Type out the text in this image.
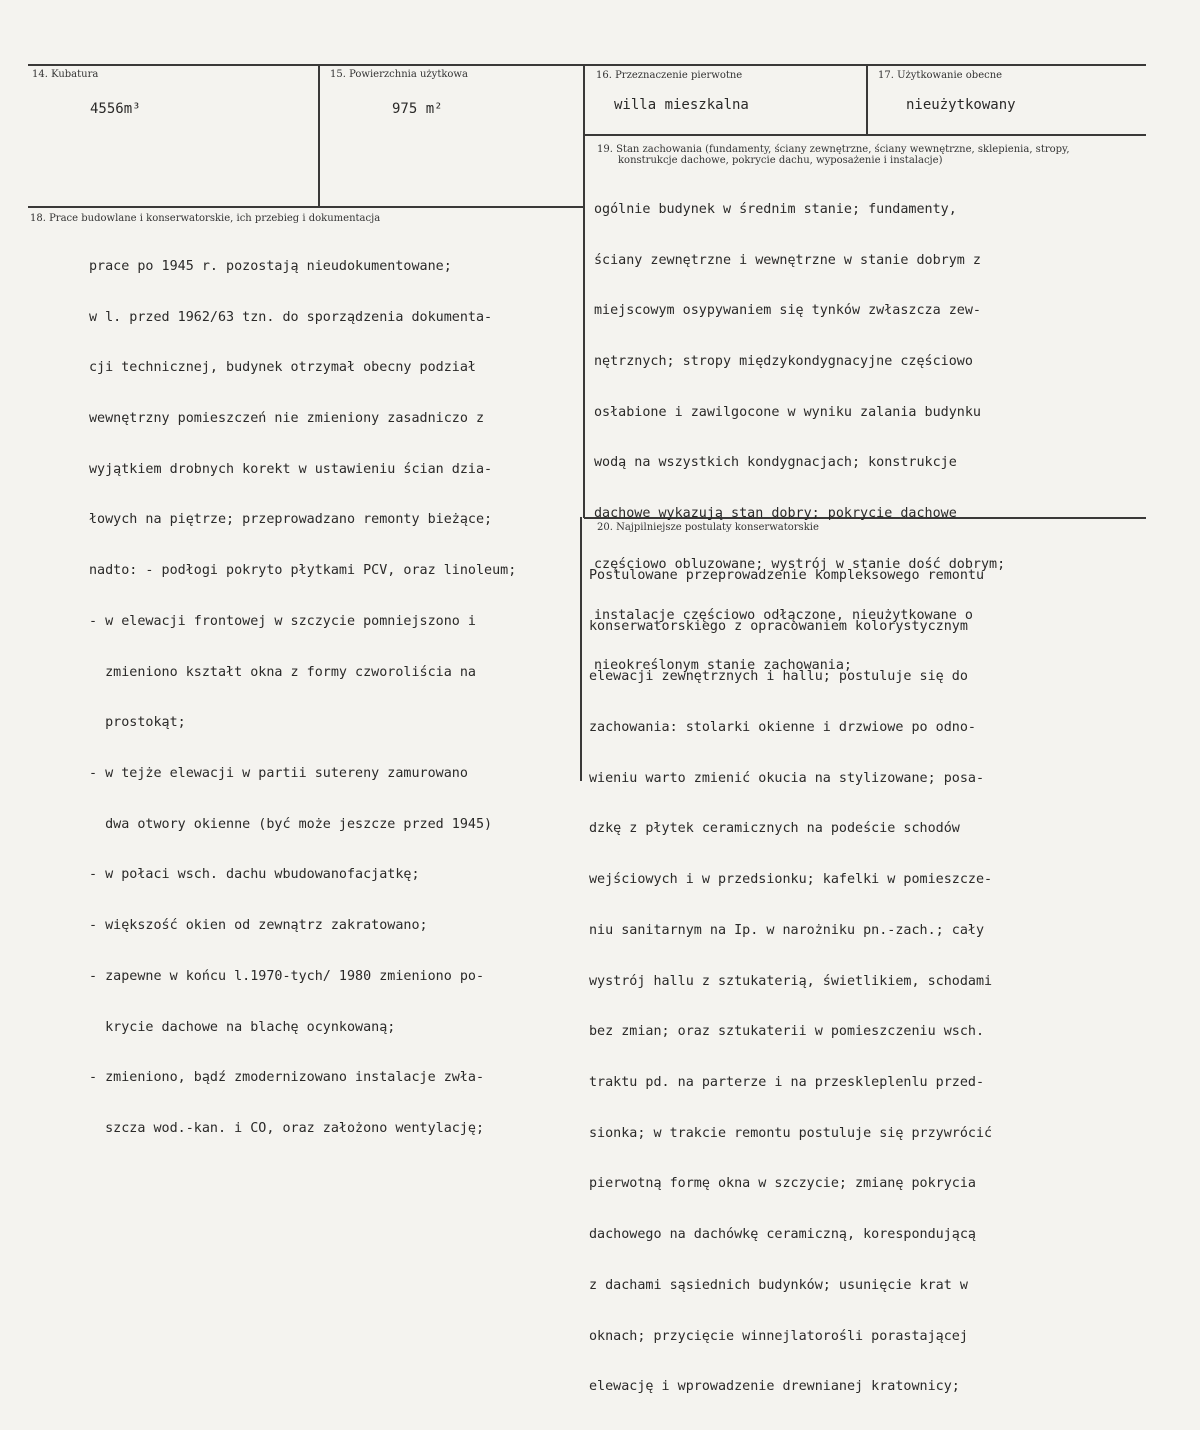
14. Kubatura
4556m³
15. Powierzchnia użytkowa
975 m²
16. Przeznaczenie pierwotne
willa mieszkalna
17. Użytkowanie obecne
nieużytkowany
19. Stan zachowania (fundamenty, ściany zewnętrzne, ściany wewnętrzne, sklepienia, stropy,
konstrukcje dachowe, pokrycie dachu, wyposażenie i instalacje)

ogólnie budynek w średnim stanie; fundamenty,

ściany zewnętrzne i wewnętrzne w stanie dobrym z

miejscowym osypywaniem się tynków zwłaszcza zew-

nętrznych; stropy międzykondygnacyjne częściowo

osłabione i zawilgocone w wyniku zalania budynku

wodą na wszystkich kondygnacjach; konstrukcje

dachowe wykazują stan dobry; pokrycie dachowe

częściowo obluzowane; wystrój w stanie dość dobrym;

instalacje częściowo odłączone, nieużytkowane o

nieokreślonym stanie zachowania;

18. Prace budowlane i konserwatorskie, ich przebieg i dokumentacja

prace po 1945 r. pozostają nieudokumentowane;

w l. przed 1962/63 tzn. do sporządzenia dokumenta-

cji technicznej, budynek otrzymał obecny podział

wewnętrzny pomieszczeń nie zmieniony zasadniczo z

wyjątkiem drobnych korekt w ustawieniu ścian dzia-

łowych na piętrze; przeprowadzano remonty bieżące;

nadto: - podłogi pokryto płytkami PCV, oraz linoleum;

- w elewacji frontowej w szczycie pomniejszono i

zmieniono kształt okna z formy czworoliścia na

prostokąt;

- w tejże elewacji w partii sutereny zamurowano

dwa otwory okienne (być może jeszcze przed 1945)

- w połaci wsch. dachu wbudowanofacjatkę;

- większość okien od zewnątrz zakratowano;

- zapewne w końcu l.1970-tych/ 1980 zmieniono po-

krycie dachowe na blachę ocynkowaną;

- zmieniono, bądź zmodernizowano instalacje zwła-

szcza wod.-kan. i CO, oraz założono wentylację;

20. Najpilniejsze postulaty konserwatorskie

Postulowane przeprowadzenie kompleksowego remontu

konserwatorskiego z opracowaniem kolorystycznym

elewacji zewnętrznych i hallu; postuluje się do

zachowania: stolarki okienne i drzwiowe po odno-

wieniu warto zmienić okucia na stylizowane; posa-

dzkę z płytek ceramicznych na podeście schodów

wejściowych i w przedsionku; kafelki w pomieszcze-

niu sanitarnym na Ip. w narożniku pn.-zach.; cały

wystrój hallu z sztukaterią, świetlikiem, schodami

bez zmian; oraz sztukaterii w pomieszczeniu wsch.

traktu pd. na parterze i na przeskleplenlu przed-

sionka; w trakcie remontu postuluje się przywrócić

pierwotną formę okna w szczycie; zmianę pokrycia

dachowego na dachówkę ceramiczną, korespondującą

z dachami sąsiednich budynków; usunięcie krat w

oknach; przycięcie winnejlatorośli porastającej

elewację i wprowadzenie drewnianej kratownicy;
